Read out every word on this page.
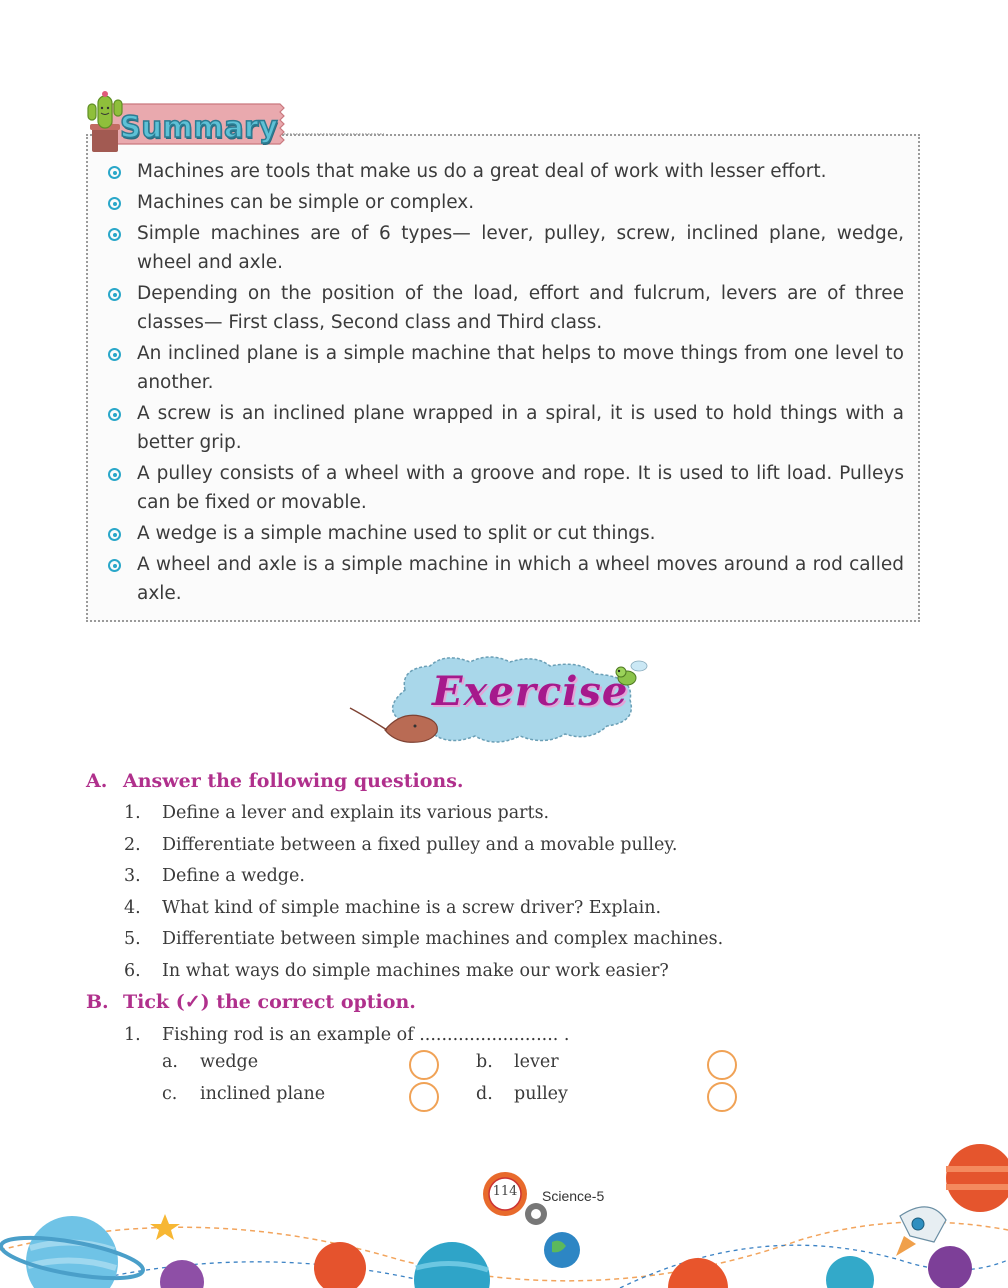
Summary
Machines are tools that make us do a great deal of work with lesser effort.
Machines can be simple or complex.
Simple machines are of 6 types— lever, pulley, screw, inclined plane, wedge, wheel and axle.
Depending on the position of the load, effort and fulcrum, levers are of three classes— First class, Second class and Third class.
An inclined plane is a simple machine that helps to move things from one level to another.
A screw is an inclined plane wrapped in a spiral, it is used to hold things with a better grip.
A pulley consists of a wheel with a groove and rope. It is used to lift load. Pulleys can be fixed or movable.
A wedge is a simple machine used to split or cut things.
A wheel and axle is a simple machine in which a wheel moves around a rod called axle.
Exercise
A. Answer the following questions.
1. Define a lever and explain its various parts.
2. Differentiate between a fixed pulley and a movable pulley.
3. Define a wedge.
4. What kind of simple machine is a screw driver? Explain.
5. Differentiate between simple machines and complex machines.
6. In what ways do simple machines make our work easier?
B. Tick (✓) the correct option.
1. Fishing rod is an example of ......................... .
a. wedge	b. lever
c. inclined plane	d. pulley
114 Science-5
